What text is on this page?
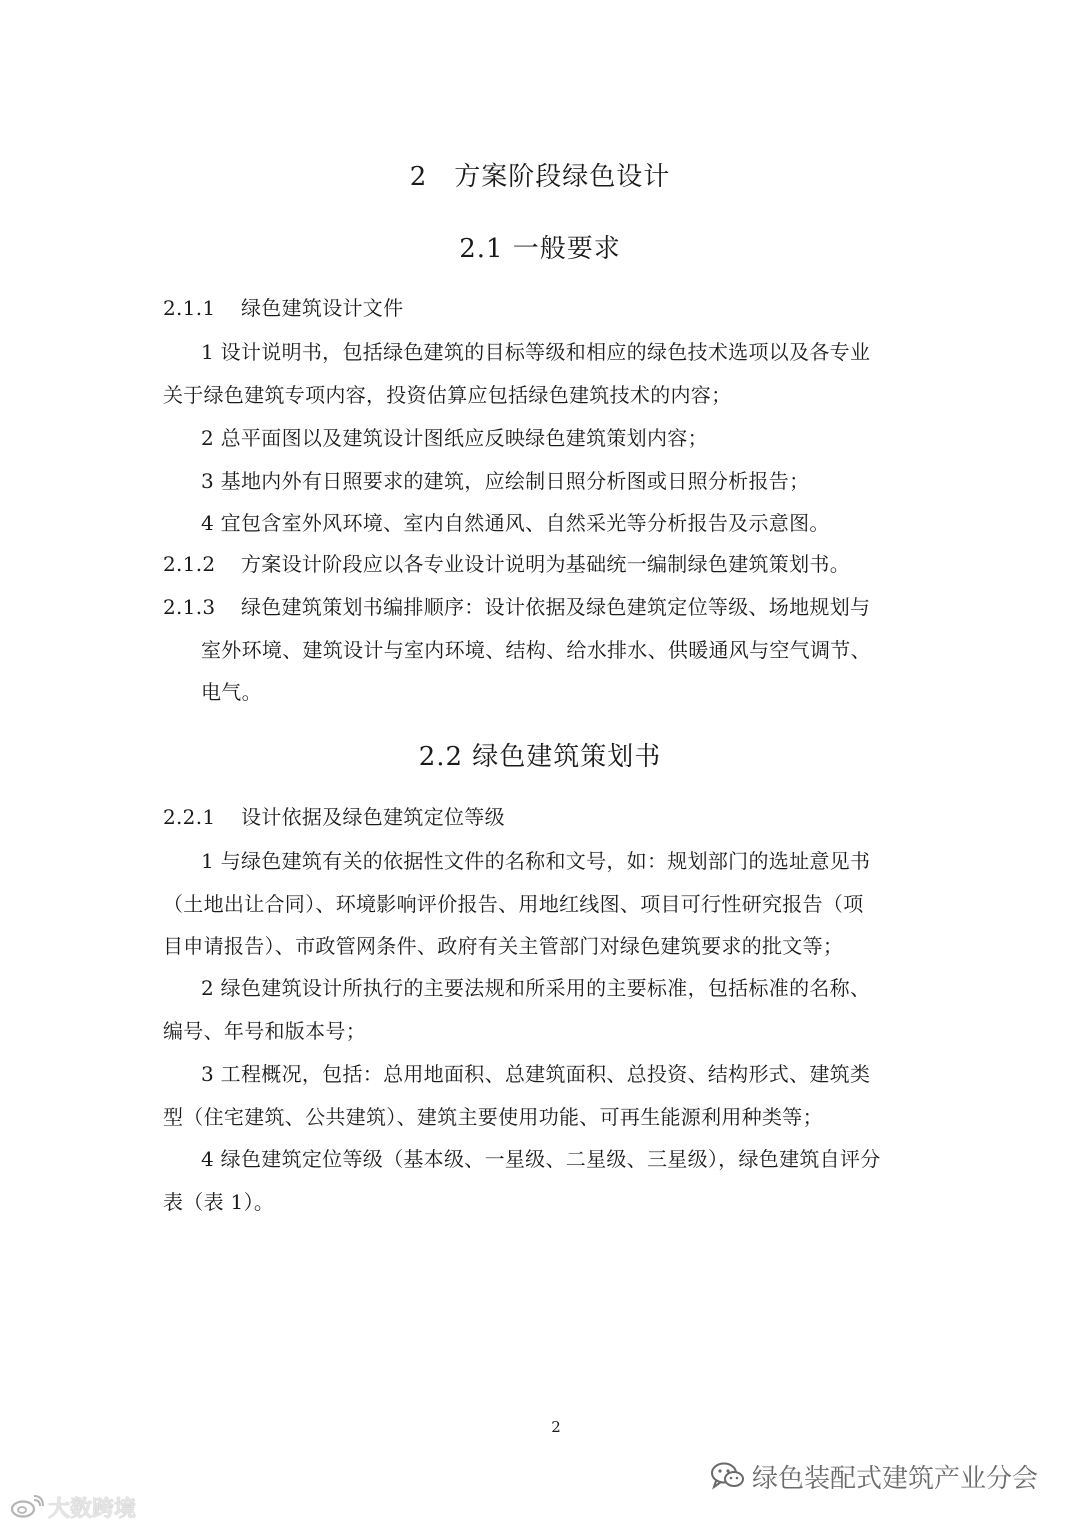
2　方案阶段绿色设计
2.1 一般要求
2.1.1 绿色建筑设计文件
1 设计说明书，包括绿色建筑的目标等级和相应的绿色技术选项以及各专业
关于绿色建筑专项内容，投资估算应包括绿色建筑技术的内容；
2 总平面图以及建筑设计图纸应反映绿色建筑策划内容；
3 基地内外有日照要求的建筑，应绘制日照分析图或日照分析报告；
4 宜包含室外风环境、室内自然通风、自然采光等分析报告及示意图。
2.1.2 方案设计阶段应以各专业设计说明为基础统一编制绿色建筑策划书。
2.1.3 绿色建筑策划书编排顺序：设计依据及绿色建筑定位等级、场地规划与
室外环境、建筑设计与室内环境、结构、给水排水、供暖通风与空气调节、
电气。
2.2 绿色建筑策划书
2.2.1 设计依据及绿色建筑定位等级
1 与绿色建筑有关的依据性文件的名称和文号，如：规划部门的选址意见书
（土地出让合同）、环境影响评价报告、用地红线图、项目可行性研究报告（项
目申请报告）、市政管网条件、政府有关主管部门对绿色建筑要求的批文等；
2 绿色建筑设计所执行的主要法规和所采用的主要标准，包括标准的名称、
编号、年号和版本号；
3 工程概况，包括：总用地面积、总建筑面积、总投资、结构形式、建筑类
型（住宅建筑、公共建筑）、建筑主要使用功能、可再生能源利用种类等；
4 绿色建筑定位等级（基本级、一星级、二星级、三星级），绿色建筑自评分
表（表 1）。
2
绿色装配式建筑产业分会
大数跨境
